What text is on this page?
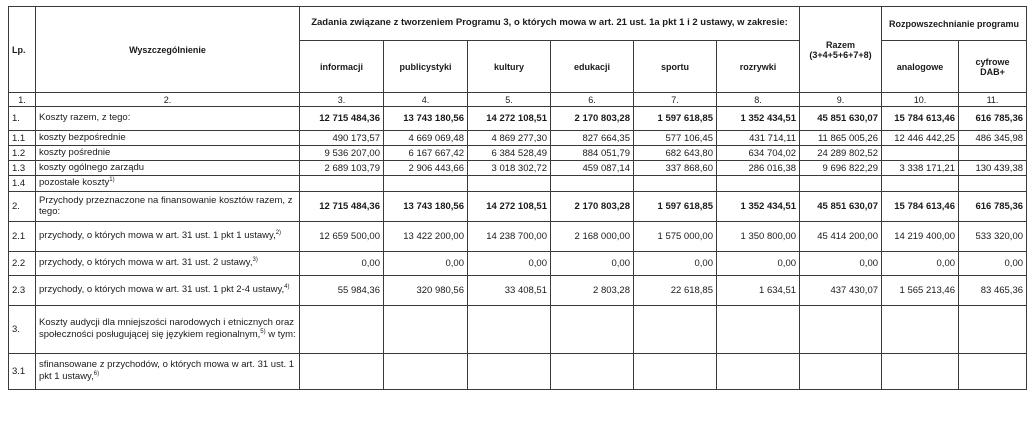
Lp.	Wyszczególnienie	Zadania związane z tworzeniem Programu 3, o których mowa w art. 21 ust. 1a pkt 1 i 2 ustawy, w zakresie:						Razem (3+4+5+6+7+8)	Rozpowszechnianie programu	
		informacji	publicystyki	kultury	edukacji	sportu	rozrywki		analogowe	cyfrowe DAB+
1.	2.	3.	4.	5.	6.	7.	8.	9.	10.	11.
1.	Koszty razem, z tego:	12 715 484,36	13 743 180,56	14 272 108,51	2 170 803,28	1 597 618,85	1 352 434,51	45 851 630,07	15 784 613,46	616 785,36
1.1	koszty bezpośrednie	490 173,57	4 669 069,48	4 869 277,30	827 664,35	577 106,45	431 714,11	11 865 005,26	12 446 442,25	486 345,98
1.2	koszty pośrednie	9 536 207,00	6 167 667,42	6 384 528,49	884 051,79	682 643,80	634 704,02	24 289 802,52		
1.3	koszty ogólnego zarządu	2 689 103,79	2 906 443,66	3 018 302,72	459 087,14	337 868,60	286 016,38	9 696 822,29	3 338 171,21	130 439,38
1.4	pozostałe koszty$^{1)}$									
2.	Przychody przeznaczone na finansowanie kosztów razem, z tego:	12 715 484,36	13 743 180,56	14 272 108,51	2 170 803,28	1 597 618,85	1 352 434,51	45 851 630,07	15 784 613,46	616 785,36
2.1	przychody, o których mowa w art. 31 ust. 1 pkt 1 ustawy,$^{2)}$	12 659 500,00	13 422 200,00	14 238 700,00	2 168 000,00	1 575 000,00	1 350 800,00	45 414 200,00	14 219 400,00	533 320,00
2.2	przychody, o których mowa w art. 31 ust. 2 ustawy,$^{3)}$	0,00	0,00	0,00	0,00	0,00	0,00	0,00	0,00	0,00
2.3	przychody, o których mowa w art. 31 ust. 1 pkt 2-4 ustawy,$^{4)}$	55 984,36	320 980,56	33 408,51	2 803,28	22 618,85	1 634,51	437 430,07	1 565 213,46	83 465,36
3.	Koszty audycji dla mniejszości narodowych i etnicznych oraz społeczności posługującej się językiem regionalnym,$^{5)}$ w tym:									
3.1	sfinansowane z przychodów, o których mowa w art. 31 ust. 1 pkt 1 ustawy,$^{6)}$									
